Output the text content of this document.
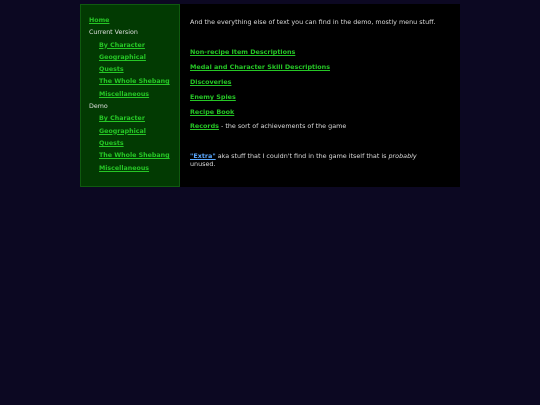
Home
Current Version
By Character
Geographical
Quests
The Whole Shebang
Miscellaneous
Demo
By Character
Geographical
Quests
The Whole Shebang
Miscellaneous
And the everything else of text you can find in the demo, mostly menu stuff.
Non-recipe Item Descriptions
Medal and Character Skill Descriptions
Discoveries
Enemy Spies
Recipe Book
Records - the sort of achievements of the game
"Extra" aka stuff that I couldn't find in the game itself that is probably
unused.
